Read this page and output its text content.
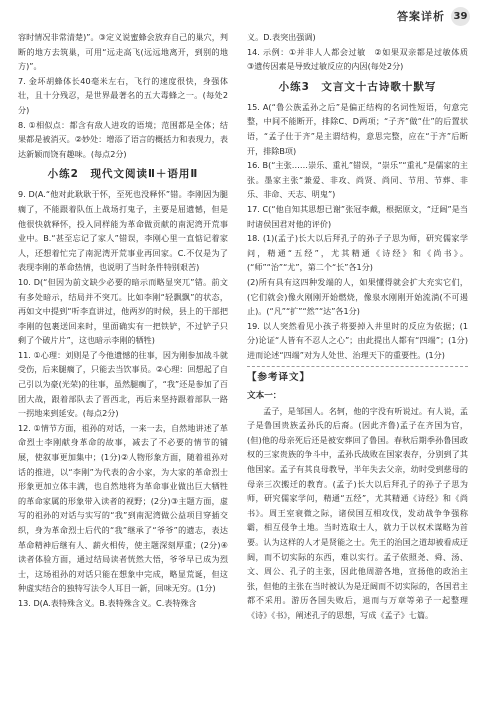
答案详析 39

容时情况非常清楚)”。③定义说蜜蜂会放弃自己的巢穴，判断的地方去筑巢，可用“远走高飞(远远地离开，到别的地方)”。

7. 金坏胡蜂体长40毫米左右，飞行的速度很快，身强体壮，且十分残忍，是世界最著名的五大毒蜂之一。(每处2分)

8. ①相似点：都含有敌人进攻的语境；范围都是全体；结果都是被消灭。②妙处：增添了语言的概括力和表现力，表达新颖而饶有趣味。(每点2分)

小练2　现代文阅读Ⅱ＋语用Ⅱ

9. D(A.“他对此耿耿于怀，至死也没释怀”错。李刚因为腿瘸了，不能跟着队伍上战场打鬼子，主要是屈遗憾，但是他很快就释怀，投入同样能为革命做贡献的南泥湾开荒事业中。B.“甚至忘记了家人”错误，李刚心里一直惦记着家人，还想着忙完了南泥湾开荒事业再回家。C.不仅是为了表现李刚的革命热情，也说明了当时条件特别艰苦)

10. D(“但因为前文缺少必要的暗示而略显突兀”错。前文有多处暗示，结局并不突兀。比如李刚“轻飘飘”的状态，再如文中提到“听李直讲过，他两岁的时候，县上的干部把李刚的包裹送回来时，里面确实有一把铁铲，不过铲子只剩了个破片片”，这也暗示李刚的牺牲)

11. ①心理：刘则是了今他遗憾的往事，因为刚参加战斗就受伤，后来腿瘸了，只能去当饮事员。②心理：回想起了自己引以为豪(光荣)的往事，虽然腿瘸了，“我”还是参加了百团大战，跟着部队去了晋西北，再后来坚持跟着部队一路一拐地来到延安。(每点2分)

12. ①情节方面，祖孙的对话，一来一去，自然地讲述了革命烈士李刚献身革命的故事，减去了不必要的情节的铺展，使叙事更加集中；(1分)②人物形象方面，随着祖孙对话的推进，以“李刚”为代表的舍小家，为大家的革命烈士形象更加立体丰满，也自然地将为革命事业做出巨大牺牲的革命家属的形象带入读者的视野；(2分)③主题方面，虚写的祖孙的对话与实写的“我”到南泥湾做公益项目穿插交织，身为革命烈士后代的“我”继承了“爷爷”的遗志，表达革命精神后继有人、薪火相传，使主题深刻厚重；(2分)④读者体验方面，通过结局读者恍然大悟，爷爷早已成为烈士，这场祖孙的对话只能在想象中完成，略显荒诞，但这种虚实结合的独特写法令人耳目一新，回味无穷。(1分)

13. D(A.表特殊含义。B.表特殊含义。C.表特殊含

义。D.表突出强调)

14. 示例：①并非人人都会过敏　②如果双亲都是过敏体质　③遗传因素是导致过敏反应的内因(每处2分)

小练3　文言文十古诗歌十默写

15. A(“鲁公族孟孙之后”是偏正结构的名词性短语，句意完整，中间不能断开，排除C、D两项；“子齐”做“仕”的后置状语，“孟子仕于齐”是主谓结构，意思完整，应在“于齐”后断开，排除B项)

16. B(“主张……崇乐、重礼”错误，“崇乐”“重礼”是儒家的主张。墨家主张“兼爱、非攻、尚贤、尚同、节用、节葬、非乐、非命、天志、明鬼”)

17. C(“他自知其思想已谢”张冠李戴，根据原文，“迂阔”是当时诸侯国君对他的评价)

18. (1)(孟子)长大以后拜孔子的孙子子思为师，研究儒家学问，精通“五经”，尤其精通《诗经》和《尚书》。(“师”“治”“尤”，第二个“长”各1分)

(2)所有具有这四种发端的人，如果懂得就会扩大充实它们，(它们就会)像火刚刚开始燃烧，像泉水刚刚开始流淌(不可遏止)。(“凡”“扩”“然”“达”各1分)

19. 以人突然看见小孩子将要掉入井里时的反应为依据；(1分)论证“人皆有不忍人之心”；由此提出人都有“四端”；(1分)进而论述“四端”对为人处世、治理天下的重要性。(1分)

【参考译文】
文本一：

孟子，是邹国人。名轲，他的字没有听说过。有人说，孟子是鲁国贵族孟孙氏的后裔。(因此齐鲁)孟子在齐国为官，(但)他的母亲死后还是被安葬回了鲁国。春秋后期季孙鲁国政权的三家贵族的争斗中，孟孙氏战败在国家表存，分别到了其他国家。孟子有其良母教导，半年失去父亲，幼时受到慈母的母亲三次搬迁的教育。(孟子)长大以后拜孔子的孙子子思为师，研究儒家学问，精通“五经”，尤其精通《诗经》和《尚书》。周王室衰微之际，诸侯国互相攻伐，发动战争争强称霸，相互侵争土地。当时选取士人，就力于以权术谋略为首要。认为这样的人才是贤能之士。先王的治国之道却被看成迂阔，而不切实际的东西，难以实行。孟子依照尧、舜、汤、文、周公、孔子的主张，因此他周游各地，宣扬他的政治主张，但他的主张在当时被认为是迂阔而不切实际的，各国君主都不采用。游历各国失败后，退而与万章等弟子一起整理《诗》《书》，阐述孔子的思想，写成《孟子》七篇。
